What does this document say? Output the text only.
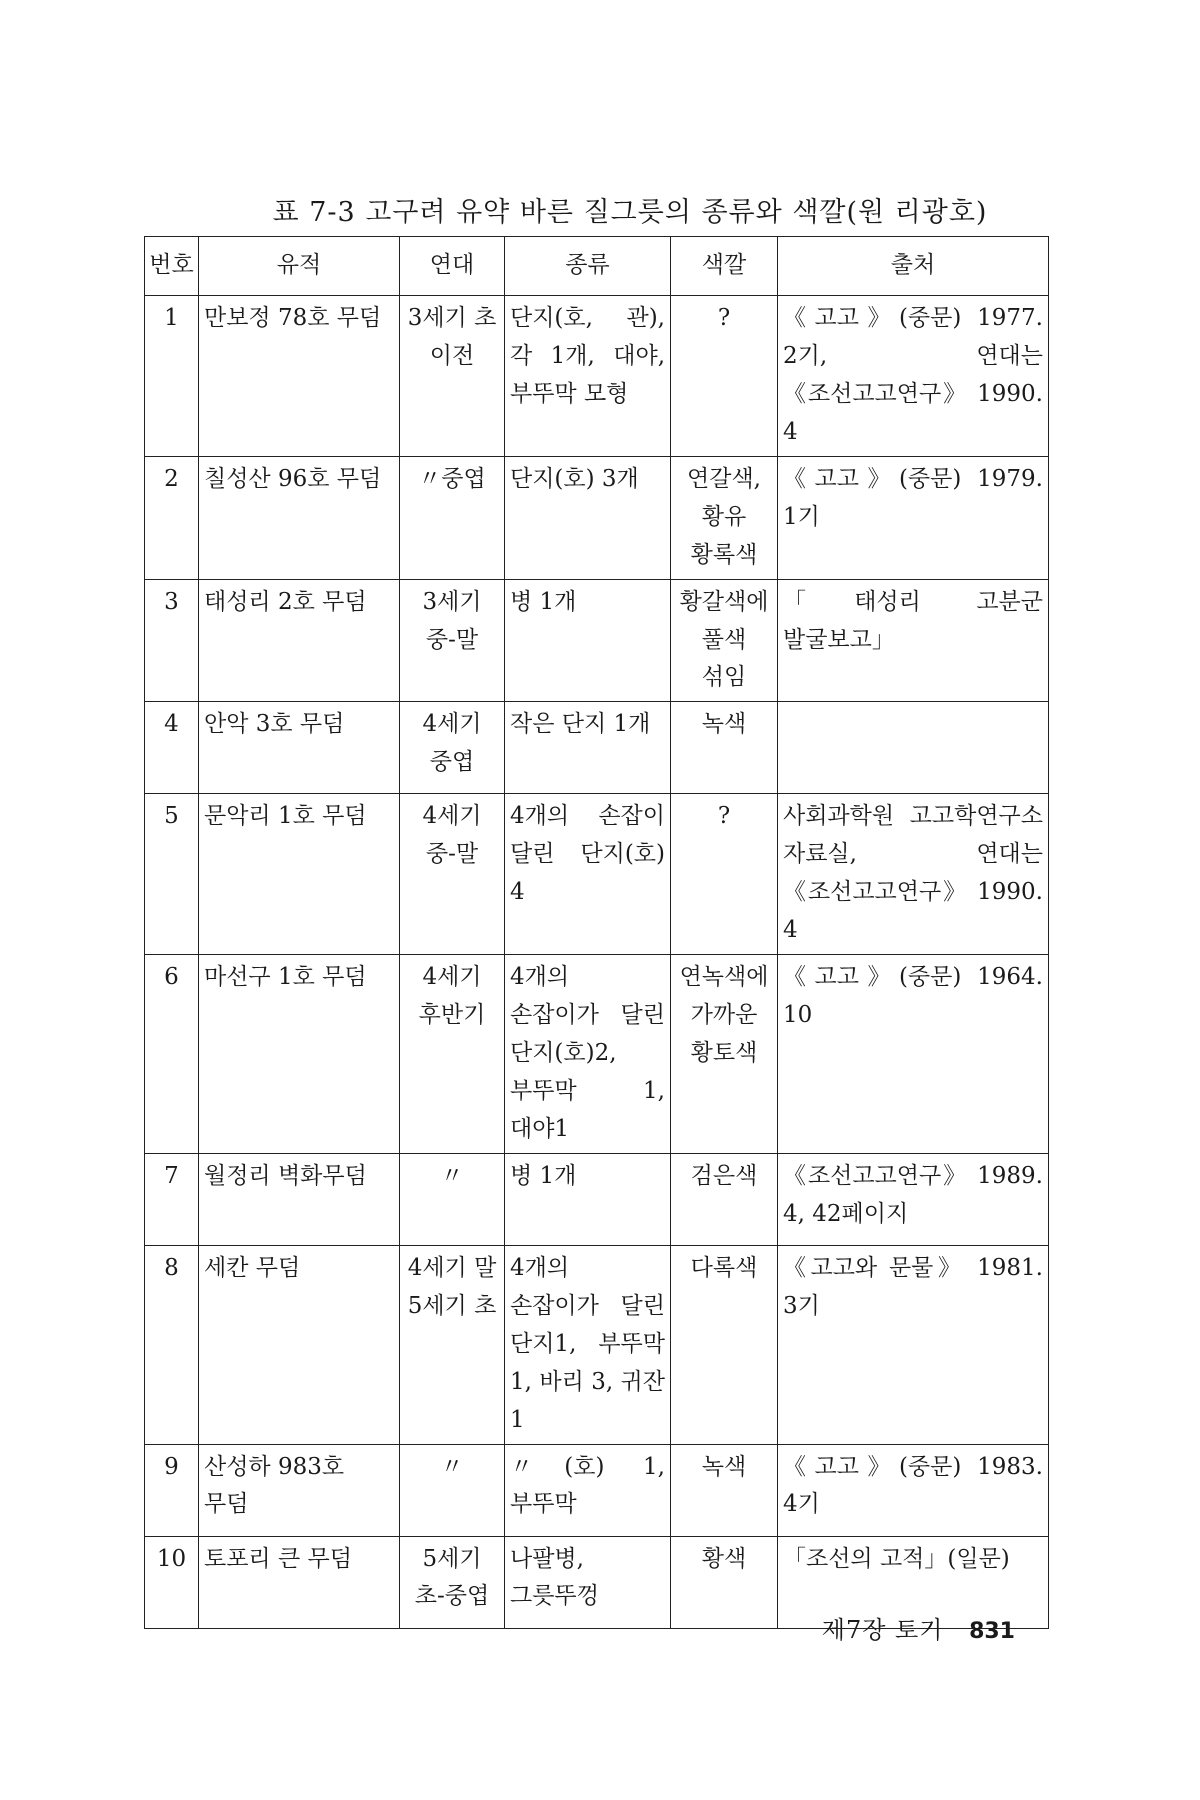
표 7-3 고구려 유약 바른 질그릇의 종류와 색깔(원 리광호)
번호	유적	연대	종류	색깔	출처
1	만보정 78호 무덤	3세기 초 이전	단지(호, 관), 각 1개, 대야, 부뚜막 모형	?	《고고》(중문) 1977. 2기, 연대는 《조선고고연구》 1990. 4
2	칠성산 96호 무덤	〃중엽	단지(호) 3개	연갈색, 황유 황록색	《고고》(중문) 1979. 1기
3	태성리 2호 무덤	3세기 중-말	병 1개	황갈색에 풀색 섞임	「태성리 고분군 발굴보고」
4	안악 3호 무덤	4세기 중엽	작은 단지 1개	녹색	
5	문악리 1호 무덤	4세기 중-말	4개의 손잡이 달린 단지(호) 4	?	사회과학원 고고학연구소 자료실, 연대는 《조선고고연구》 1990. 4
6	마선구 1호 무덤	4세기 후반기	4개의 손잡이가 달린 단지(호)2, 부뚜막 1, 대야1	연녹색에 가까운 황토색	《고고》(중문) 1964. 10
7	월정리 벽화무덤	〃	병 1개	검은색	《조선고고연구》 1989. 4, 42페이지
8	세칸 무덤	4세기 말 5세기 초	4개의 손잡이가 달린 단지1, 부뚜막 1, 바리 3, 귀잔 1	다록색	《고고와 문물》 1981. 3기
9	산성하 983호 무덤	〃	〃(호) 1, 부뚜막	녹색	《고고》(중문) 1983. 4기
10	토포리 큰 무덤	5세기 초-중엽	나팔병, 그릇뚜껑	황색	「조선의 고적」(일문)
제7장 토기 831
